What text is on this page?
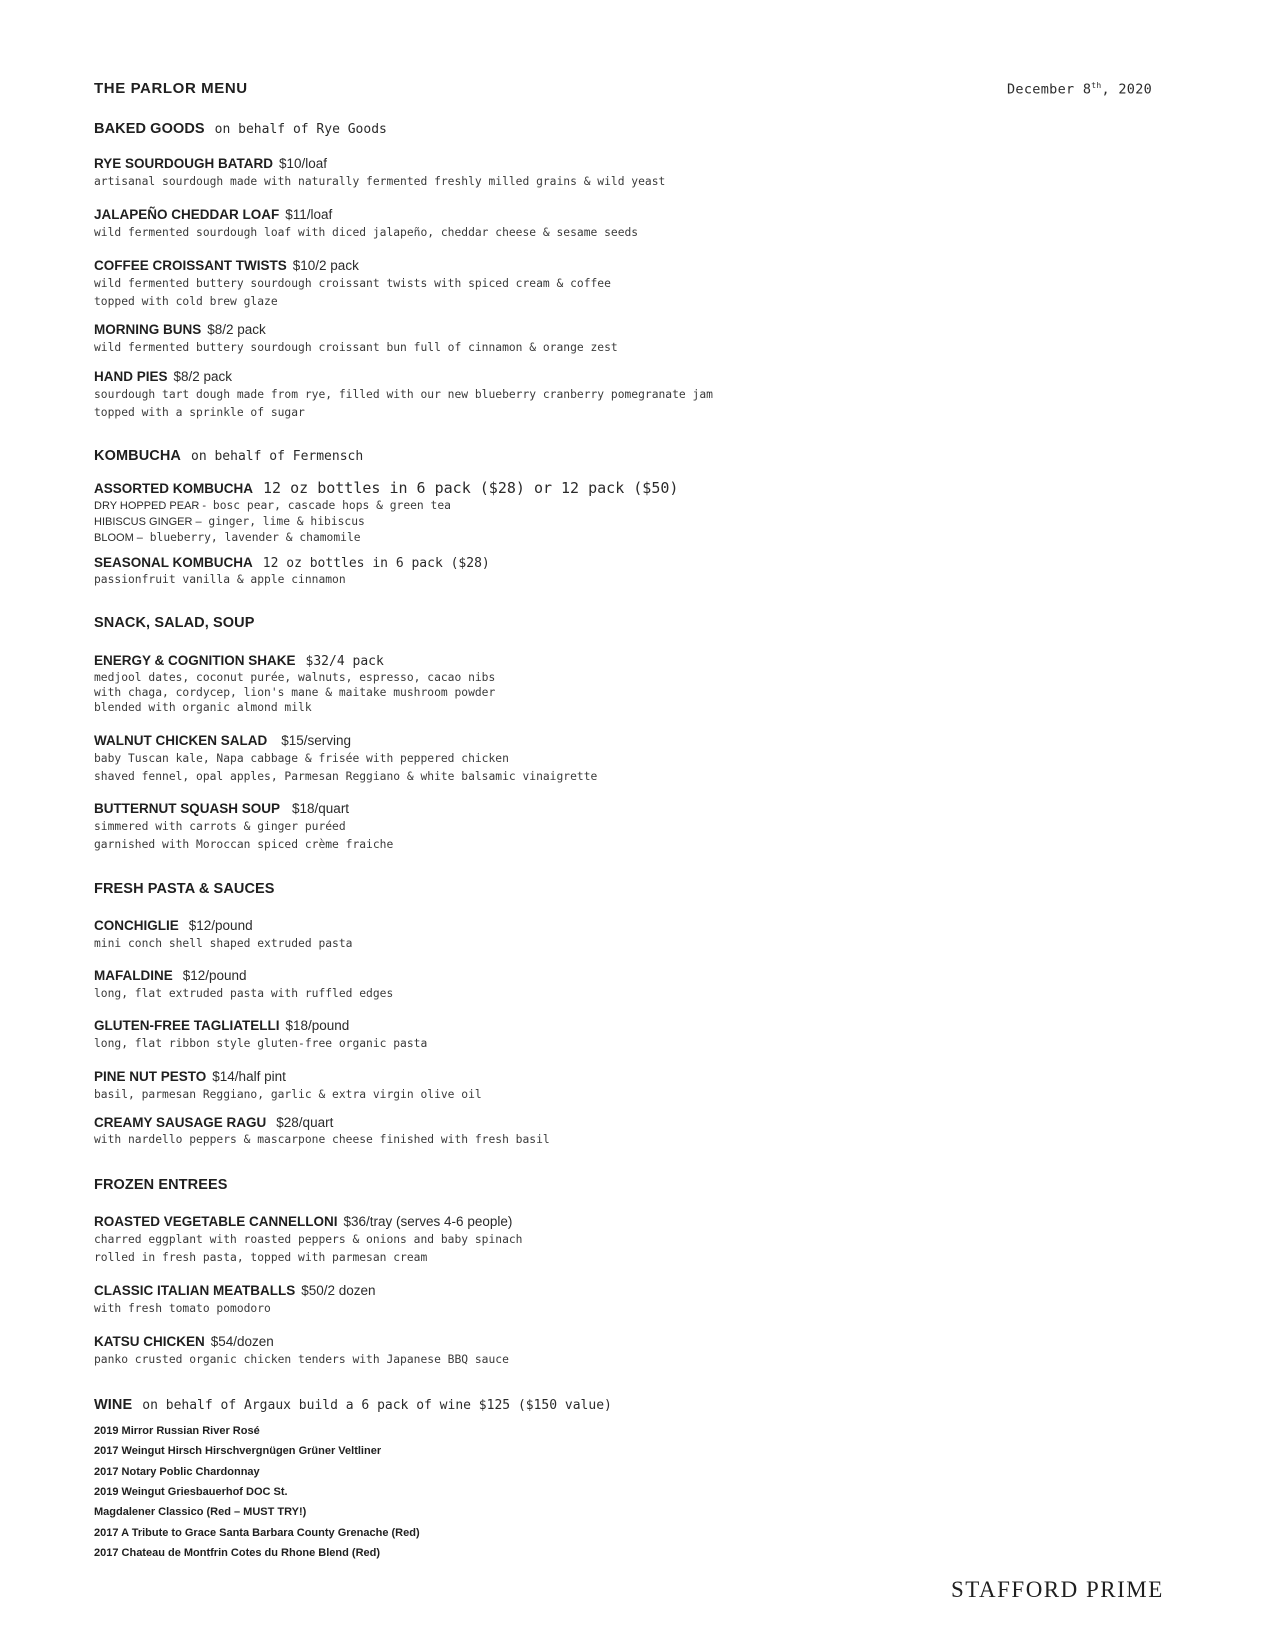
THE PARLOR MENU	December 8th, 2020
BAKED GOODS on behalf of Rye Goods
RYE SOURDOUGH BATARD $10/loaf
artisanal sourdough made with naturally fermented freshly milled grains & wild yeast
JALAPEÑO CHEDDAR LOAF $11/loaf
wild fermented sourdough loaf with diced jalapeño, cheddar cheese & sesame seeds
COFFEE CROISSANT TWISTS $10/2 pack
wild fermented buttery sourdough croissant twists with spiced cream & coffee
topped with cold brew glaze
MORNING BUNS $8/2 pack
wild fermented buttery sourdough croissant bun full of cinnamon & orange zest
HAND PIES $8/2 pack
sourdough tart dough made from rye, filled with our new blueberry cranberry pomegranate jam
topped with a sprinkle of sugar
KOMBUCHA on behalf of Fermensch
ASSORTED KOMBUCHA 12 oz bottles in 6 pack ($28) or 12 pack ($50)
DRY HOPPED PEAR - bosc pear, cascade hops & green tea
HIBISCUS GINGER – ginger, lime & hibiscus
BLOOM – blueberry, lavender & chamomile
SEASONAL KOMBUCHA 12 oz bottles in 6 pack ($28)
passionfruit vanilla & apple cinnamon
SNACK, SALAD, SOUP
ENERGY & COGNITION SHAKE $32/4 pack
medjool dates, coconut purée, walnuts, espresso, cacao nibs
with chaga, cordycep, lion's mane & maitake mushroom powder
blended with organic almond milk
WALNUT CHICKEN SALAD $15/serving
baby Tuscan kale, Napa cabbage & frisée with peppered chicken
shaved fennel, opal apples, Parmesan Reggiano & white balsamic vinaigrette
BUTTERNUT SQUASH SOUP $18/quart
simmered with carrots & ginger puréed
garnished with Moroccan spiced crème fraiche
FRESH PASTA & SAUCES
CONCHIGLIE $12/pound
mini conch shell shaped extruded pasta
MAFALDINE $12/pound
long, flat extruded pasta with ruffled edges
GLUTEN-FREE TAGLIATELLI $18/pound
long, flat ribbon style gluten-free organic pasta
PINE NUT PESTO $14/half pint
basil, parmesan Reggiano, garlic & extra virgin olive oil
CREAMY SAUSAGE RAGU $28/quart
with nardello peppers & mascarpone cheese finished with fresh basil
FROZEN ENTREES
ROASTED VEGETABLE CANNELLONI $36/tray (serves 4-6 people)
charred eggplant with roasted peppers & onions and baby spinach
rolled in fresh pasta, topped with parmesan cream
CLASSIC ITALIAN MEATBALLS $50/2 dozen
with fresh tomato pomodoro
KATSU CHICKEN $54/dozen
panko crusted organic chicken tenders with Japanese BBQ sauce
WINE on behalf of Argaux build a 6 pack of wine $125 ($150 value)
2019 Mirror Russian River Rosé
2017 Weingut Hirsch Hirschvergnügen Grüner Veltliner
2017 Notary Poblic Chardonnay
2019 Weingut Griesbauerhof DOC St.
Magdalener Classico (Red – MUST TRY!)
2017 A Tribute to Grace Santa Barbara County Grenache (Red)
2017 Chateau de Montfrin Cotes du Rhone Blend (Red)
STAFFORD PRIME
